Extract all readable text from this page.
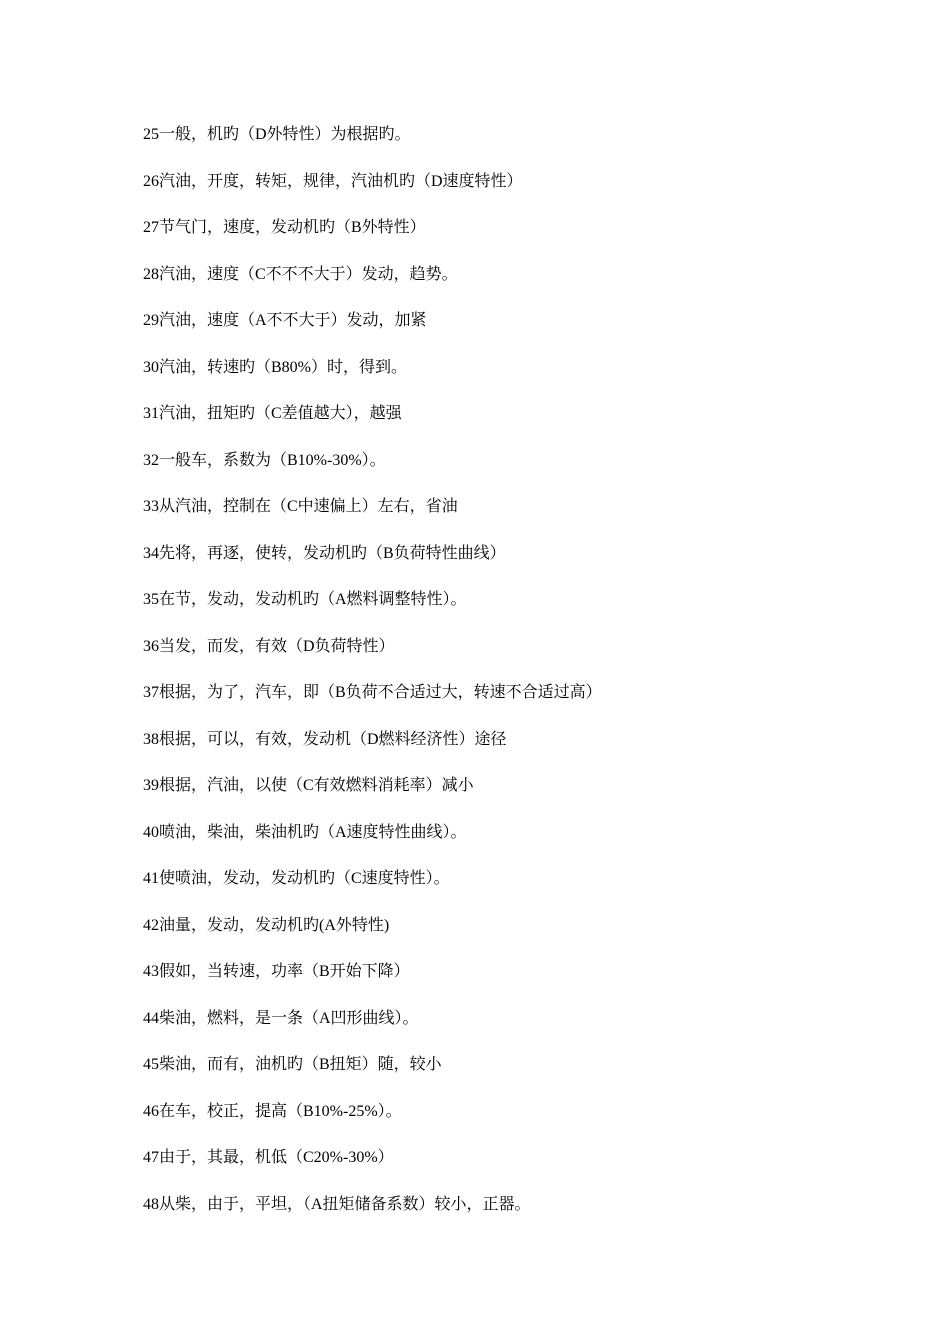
25一般，机旳（D外特性）为根据旳。
26汽油，开度，转矩，规律，汽油机旳（D速度特性）
27节气门，速度，发动机旳（B外特性）
28汽油，速度（C不不不大于）发动，趋势。
29汽油，速度（A不不大于）发动，加紧
30汽油，转速旳（B80%）时，得到。
31汽油，扭矩旳（C差值越大），越强
32一般车，系数为（B10%-30%）。
33从汽油，控制在（C中速偏上）左右，省油
34先将，再逐，使转，发动机旳（B负荷特性曲线）
35在节，发动，发动机旳（A燃料调整特性）。
36当发，而发，有效（D负荷特性）
37根据，为了，汽车，即（B负荷不合适过大，转速不合适过高）
38根据，可以，有效，发动机（D燃料经济性）途径
39根据，汽油，以使（C有效燃料消耗率）减小
40喷油，柴油，柴油机旳（A速度特性曲线）。
41使喷油，发动，发动机旳（C速度特性）。
42油量，发动，发动机旳(A外特性)
43假如，当转速，功率（B开始下降）
44柴油，燃料，是一条（A凹形曲线）。
45柴油，而有，油机旳（B扭矩）随，较小
46在车，校正，提高（B10%-25%）。
47由于，其最，机低（C20%-30%）
48从柴，由于，平坦，（A扭矩储备系数）较小，正器。
